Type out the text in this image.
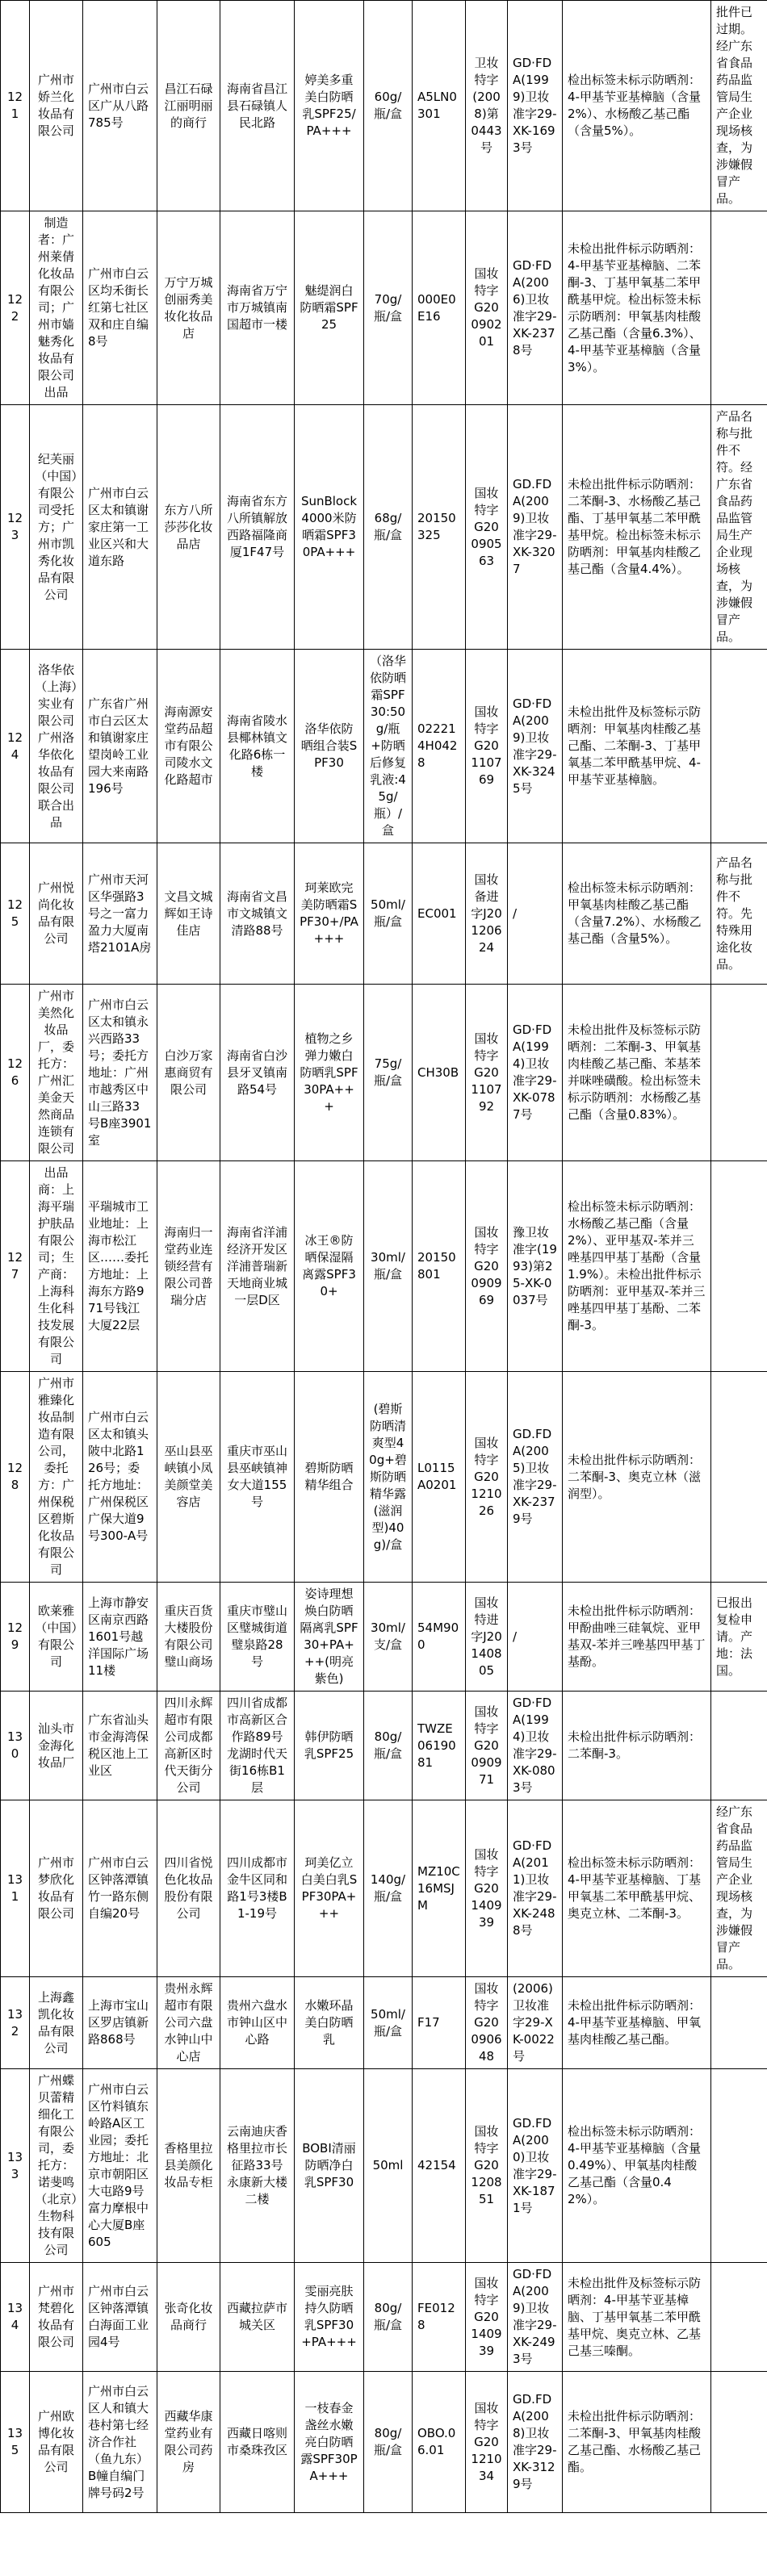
121	广州市娇兰化妆品有限公司	广州市白云区广从八路785号	昌江石碌江丽明丽的商行	海南省昌江县石碌镇人民北路	婷美多重美白防晒乳SPF25/PA+++	60g/瓶/盒	A5LN0301	卫妆特字(2008)第0443号	GD·FDA(1999)卫妆准字29-XK-1693号	检出标签未标示防晒剂：4-甲基苄亚基樟脑（含量2%）、水杨酸乙基己酯（含量5%）。	批件已过期。经广东省食品药品监管局生产企业现场核查，为涉嫌假冒产品。
122	制造者：广州莱倩化妆品有限公司；广州市嫱魅秀化妆品有限公司出品	广州市白云区均禾街长红第七社区双和庄自编8号	万宁万城创丽秀美妆化妆品店	海南省万宁市万城镇南国超市一楼	魅缇润白防晒霜SPF25	70g/瓶/盒	000E0E16	国妆特字G20090201	GD·FDA(2006)卫妆准字29-XK-2378号	未检出批件标示防晒剂：4-甲基苄亚基樟脑、二苯酮-3、丁基甲氧基二苯甲酰基甲烷。检出标签未标示防晒剂：甲氧基肉桂酸乙基己酯（含量6.3%）、4-甲基苄亚基樟脑（含量3%）。	
123	纪芙丽（中国）有限公司受托方；广州市凯秀化妆品有限公司	广州市白云区太和镇谢家庄第一工业区兴和大道东路	东方八所莎莎化妆品店	海南省东方八所镇解放西路福隆商厦1F47号	SunBlock 4000米防晒霜SPF30PA+++	68g/瓶/盒	20150325	国妆特字G20090563	GD.FDA(2009)卫妆准字29-XK-3207	未检出批件标示防晒剂：二苯酮-3、水杨酸乙基己酯、丁基甲氧基二苯甲酰基甲烷。检出标签未标示防晒剂：甲氧基肉桂酸乙基己酯（含量4.4%）。	产品名称与批件不符。经广东省食品药品监管局生产企业现场核查，为涉嫌假冒产品。
124	洛华依（上海）实业有限公司广州洛华依化妆品有限公司联合出品	广东省广州市白云区太和镇谢家庄望岗岭工业园大来南路196号	海南源安堂药品超市有限公司陵水文化路超市	海南省陵水县椰林镇文化路6栋一楼	洛华依防晒组合装SPF30	（洛华依防晒霜SPF30:50g/瓶+防晒后修复乳液:45g/瓶）/盒	022214H0428	国妆特字G20110769	GD·FDA(2009)卫妆准字29-XK-3245号	未检出批件及标签标示防晒剂：甲氧基肉桂酸乙基己酯、二苯酮-3、丁基甲氧基二苯甲酰基甲烷、4-甲基苄亚基樟脑。	
125	广州悦尚化妆品有限公司	广州市天河区华强路3号之一富力盈力大厦南塔2101A房	文昌文城辉如王诗佳店	海南省文昌市文城镇文清路88号	珂莱欧完美防晒霜SPF30+/PA+++	50ml/瓶/盒	EC001	国妆备进字J20120624	/	检出标签未标示防晒剂：甲氧基肉桂酸乙基己酯（含量7.2%）、水杨酸乙基己酯（含量5%）。	产品名称与批件不符。先特殊用途化妆品。
126	广州市美然化妆品厂，委托方：广州汇美金天然商品连锁有限公司	广州市白云区太和镇永兴西路33号；委托方地址：广州市越秀区中山三路33号B座3901室	白沙万家惠商贸有限公司	海南省白沙县牙叉镇南路54号	植物之乡弹力嫩白防晒乳SPF30PA+++	75g/瓶/盒	CH30B	国妆特字G20110792	GD·FDA(1994)卫妆准字29-XK-0787号	未检出批件及标签标示防晒剂：二苯酮-3、甲氧基肉桂酸乙基己酯、苯基苯并咪唑磺酸。检出标签未标示防晒剂：水杨酸乙基己酯（含量0.83%）。	
127	出品商：上海平瑞护肤品有限公司；生产商：上海科生化科技发展有限公司	平瑞城市工业地址：上海市松江区……委托方地址：上海东方路971号钱江大厦22层	海南归一堂药业连锁经营有限公司普瑞分店	海南省洋浦经济开发区洋浦普瑞新天地商业城一层D区	冰王®防晒保湿隔离露SPF30+	30ml/瓶/盒	20150801	国妆特字G20090969	豫卫妆准字(1993)第25-XK-0037号	检出标签未标示防晒剂：水杨酸乙基己酯（含量2%）、亚甲基双-苯并三唑基四甲基丁基酚（含量1.9%）。未检出批件标示防晒剂：亚甲基双-苯并三唑基四甲基丁基酚、二苯酮-3。	
128	广州市雅臻化妆品制造有限公司，委托方：广州保税区碧斯化妆品有限公司	广州市白云区太和镇头陂中北路126号；委托方地址：广州保税区广保大道9号300-A号	巫山县巫峡镇小凤美颜堂美容店	重庆市巫山县巫峡镇神女大道155号	碧斯防晒精华组合	(碧斯防晒清爽型40g+碧斯防晒精华露(滋润型)40g)/盒	L0115A0201	国妆特字G20121026	GD.FDA(2005)卫妆准字29-XK-2379号	未检出批件标示防晒剂：二苯酮-3、奥克立林（滋润型）。	
129	欧莱雅（中国）有限公司	上海市静安区南京西路1601号越洋国际广场11楼	重庆百货大楼股份有限公司璧山商场	重庆市璧山区璧城街道璧泉路28号	姿诗理想焕白防晒隔离乳SPF30+PA+++(明亮紫色)	30ml/支/盒	54M900	国妆特进字J20140805	/	未检出批件标示防晒剂：甲酚曲唑三硅氧烷、亚甲基双-苯并三唑基四甲基丁基酚。	已报出复检申请。产地：法国。
130	汕头市金海化妆品厂	广东省汕头市金海湾保税区池上工业区	四川永辉超市有限公司成都高新区时代天街分公司	四川省成都市高新区合作路89号龙湖时代天街16栋B1层	韩伊防晒乳SPF25	80g/瓶/盒	TWZE0619081	国妆特字G20090971	GD·FDA(1994)卫妆准字29-XK-0803号	未检出批件标示防晒剂：二苯酮-3。	
131	广州市梦欣化妆品有限公司	广州市白云区钟落潭镇竹一路东侧自编20号	四川省悦色化妆品股份有限公司	四川成都市金牛区同和路1号3楼B1-19号	珂美亿立白美白乳SPF30PA+++	140g/瓶/盒	MZ10C16MSJM	国妆特字G20140939	GD·FDA(2011)卫妆准字29-XK-2488号	检出标签未标示防晒剂：4-甲基苄亚基樟脑、丁基甲氧基二苯甲酰基甲烷、奥克立林、二苯酮-3。	经广东省食品药品监管局生产企业现场核查，为涉嫌假冒产品。
132	上海鑫凯化妆品有限公司	上海市宝山区罗店镇新路868号	贵州永辉超市有限公司六盘水钟山中心店	贵州六盘水市钟山区中心路	水嫩环晶美白防晒乳	50ml/瓶/盒	F17	国妆特字G20090648	(2006)卫妆准字29-XK-0022号	未检出批件标示防晒剂：4-甲基苄亚基樟脑、甲氧基肉桂酸乙基己酯。	
133	广州蝶贝蕾精细化工有限公司，委托方：诺斐鸣（北京）生物科技有限公司	广州市白云区竹料镇东岭路A区工业园；委托方地址：北京市朝阳区大屯路9号富力摩根中心大厦B座605	香格里拉县美颜化妆品专柜	云南迪庆香格里拉市长征路33号永康新大楼二楼	BOBI清丽防晒净白乳SPF30	50ml	42154	国妆特字G20120851	GD.FDA(2000)卫妆准字29-XK-1871号	检出标签未标示防晒剂：4-甲基苄亚基樟脑（含量0.49%）、甲氧基肉桂酸乙基己酯（含量0.42%）。	
134	广州市梵碧化妆品有限公司	广州市白云区钟落潭镇白海面工业园4号	张奇化妆品商行	西藏拉萨市城关区	雯丽亮肤持久防晒乳SPF30+PA+++	80g/瓶/盒	FE0128	国妆特字G20140939	GD·FDA(2009)卫妆准字29-XK-2493号	未检出批件及标签标示防晒剂：4-甲基苄亚基樟脑、丁基甲氧基二苯甲酰基甲烷、奥克立林、乙基己基三嗪酮。	
135	广州欧博化妆品有限公司	广州市白云区人和镇大巷村第七经济合作社（鱼九东）B幢自编门牌号码2号	西藏华康堂药业有限公司药房	西藏日喀则市桑珠孜区	一枝春金盏丝水嫩亮白防晒露SPF30PA+++	80g/瓶/盒	OBO.06.01	国妆特字G20121034	GD.FDA(2008)卫妆准字29-XK-3129号	未检出批件标示防晒剂：二苯酮-3、甲氧基肉桂酸乙基己酯、水杨酸乙基己酯。	
